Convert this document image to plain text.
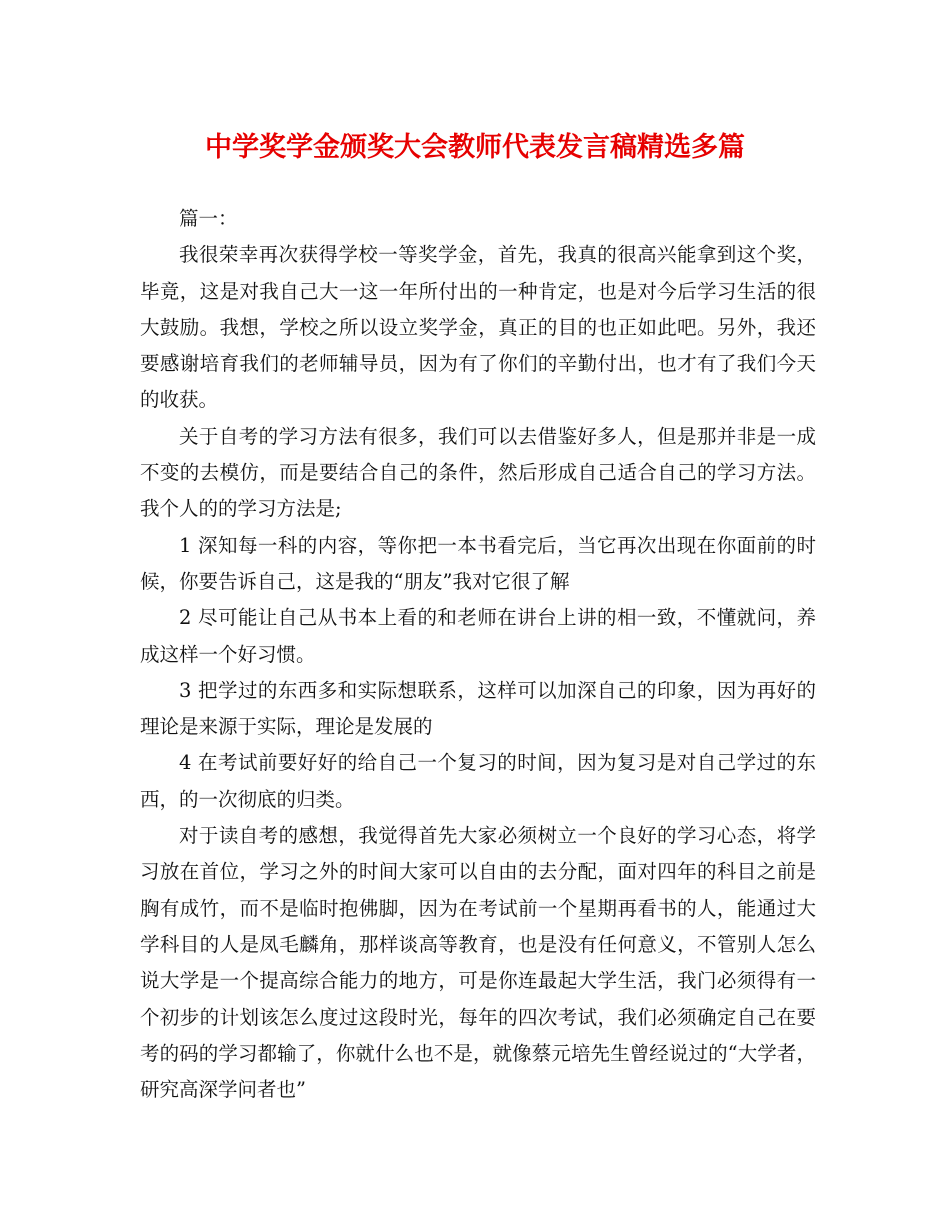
中学奖学金颁奖大会教师代表发言稿精选多篇

篇一：

我很荣幸再次获得学校一等奖学金，首先，我真的很高兴能拿到这个奖，毕竟，这是对我自己大一这一年所付出的一种肯定，也是对今后学习生活的很大鼓励。我想，学校之所以设立奖学金，真正的目的也正如此吧。另外，我还要感谢培育我们的老师辅导员，因为有了你们的辛勤付出，也才有了我们今天的收获。

关于自考的学习方法有很多，我们可以去借鉴好多人，但是那并非是一成不变的去模仿，而是要结合自己的条件，然后形成自己适合自己的学习方法。我个人的的学习方法是;

1 深知每一科的内容，等你把一本书看完后，当它再次出现在你面前的时候，你要告诉自己，这是我的“朋友”我对它很了解

2 尽可能让自己从书本上看的和老师在讲台上讲的相一致，不懂就问，养成这样一个好习惯。

3 把学过的东西多和实际想联系，这样可以加深自己的印象，因为再好的理论是来源于实际，理论是发展的

4 在考试前要好好的给自己一个复习的时间，因为复习是对自己学过的东西，的一次彻底的归类。

对于读自考的感想，我觉得首先大家必须树立一个良好的学习心态，将学习放在首位，学习之外的时间大家可以自由的去分配，面对四年的科目之前是胸有成竹，而不是临时抱佛脚，因为在考试前一个星期再看书的人，能通过大学科目的人是凤毛麟角，那样谈高等教育，也是没有任何意义，不管别人怎么说大学是一个提高综合能力的地方，可是你连最起大学生活，我门必须得有一个初步的计划该怎么度过这段时光，每年的四次考试，我们必须确定自己在要考的码的学习都输了，你就什么也不是，就像蔡元培先生曾经说过的“大学者，研究高深学问者也”
